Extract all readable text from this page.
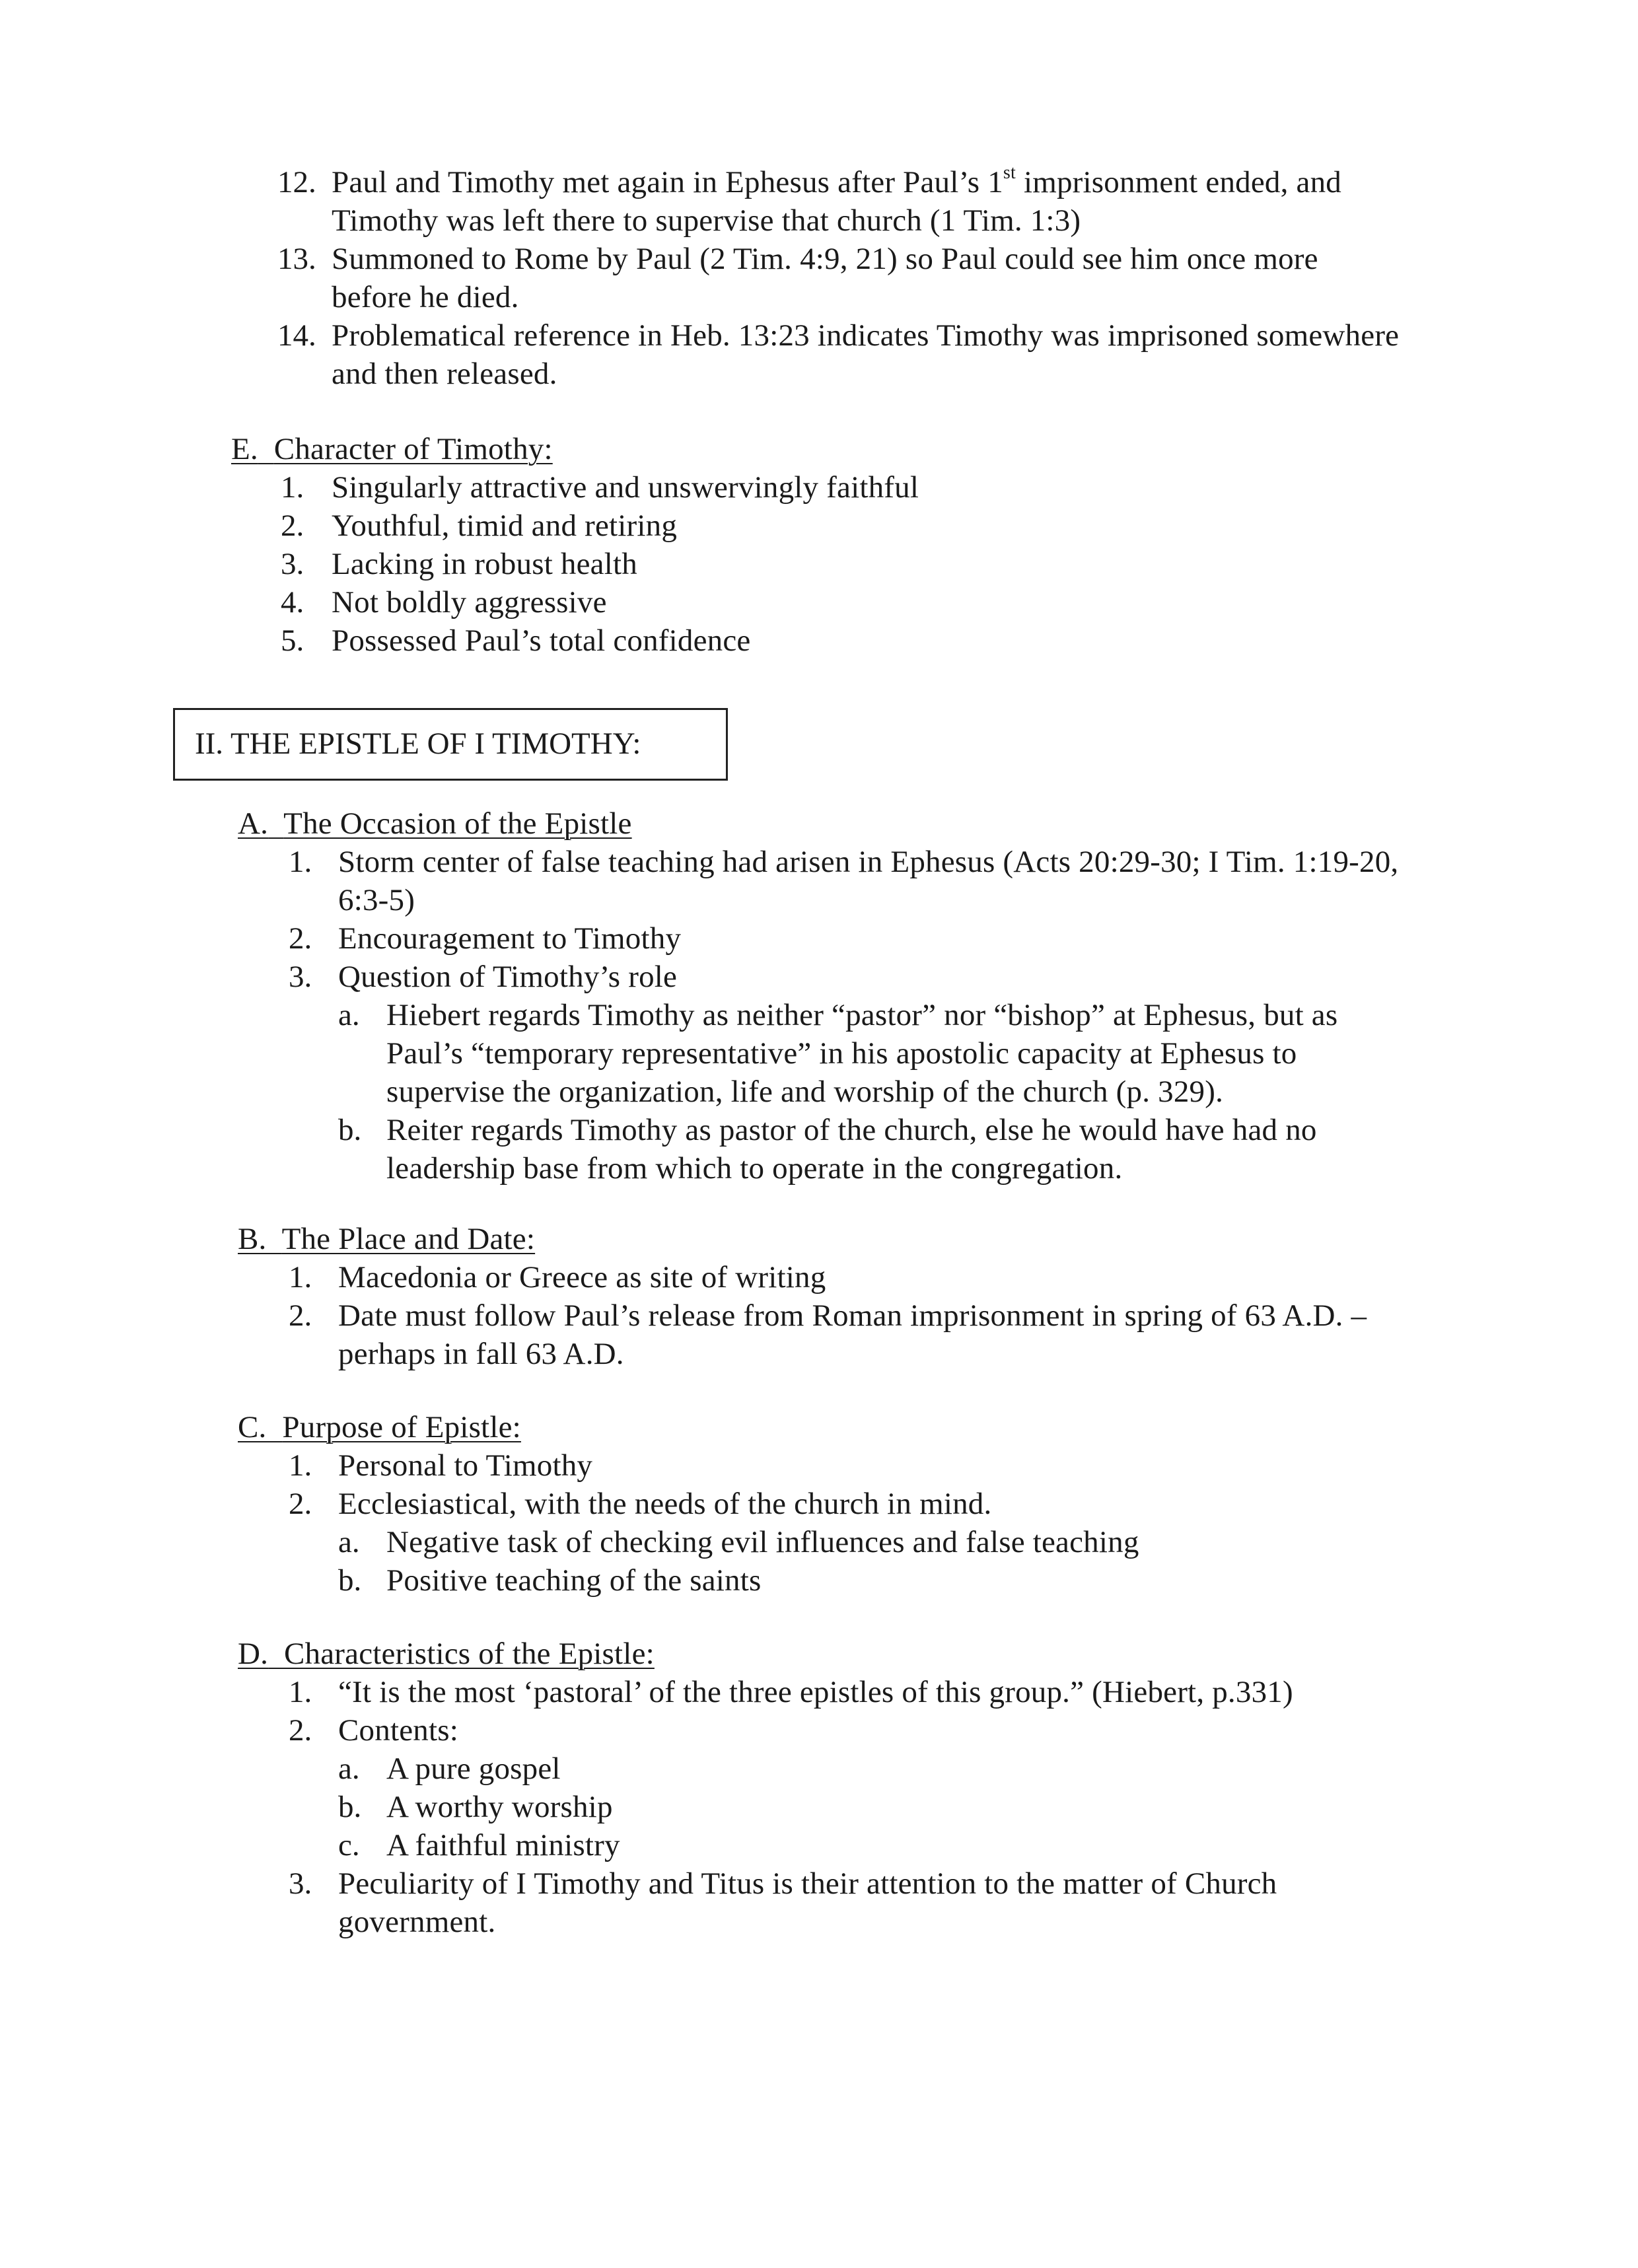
12. Paul and Timothy met again in Ephesus after Paul’s 1st imprisonment ended, and
Timothy was left there to supervise that church (1 Tim. 1:3)
13. Summoned to Rome by Paul (2 Tim. 4:9, 21) so Paul could see him once more
before he died.
14. Problematical reference in Heb. 13:23 indicates Timothy was imprisoned somewhere
and then released.
E. Character of Timothy:
1. Singularly attractive and unswervingly faithful
2. Youthful, timid and retiring
3. Lacking in robust health
4. Not boldly aggressive
5. Possessed Paul’s total confidence
II. THE EPISTLE OF I TIMOTHY:
A. The Occasion of the Epistle
1. Storm center of false teaching had arisen in Ephesus (Acts 20:29-30; I Tim. 1:19-20,
6:3-5)
2. Encouragement to Timothy
3. Question of Timothy’s role
a. Hiebert regards Timothy as neither “pastor” nor “bishop” at Ephesus, but as
Paul’s “temporary representative” in his apostolic capacity at Ephesus to
supervise the organization, life and worship of the church (p. 329).
b. Reiter regards Timothy as pastor of the church, else he would have had no
leadership base from which to operate in the congregation.
B. The Place and Date:
1. Macedonia or Greece as site of writing
2. Date must follow Paul’s release from Roman imprisonment in spring of 63 A.D. –
perhaps in fall 63 A.D.
C. Purpose of Epistle:
1. Personal to Timothy
2. Ecclesiastical, with the needs of the church in mind.
a. Negative task of checking evil influences and false teaching
b. Positive teaching of the saints
D. Characteristics of the Epistle:
1. “It is the most ‘pastoral’ of the three epistles of this group.” (Hiebert, p.331)
2. Contents:
a. A pure gospel
b. A worthy worship
c. A faithful ministry
3. Peculiarity of I Timothy and Titus is their attention to the matter of Church
government.
